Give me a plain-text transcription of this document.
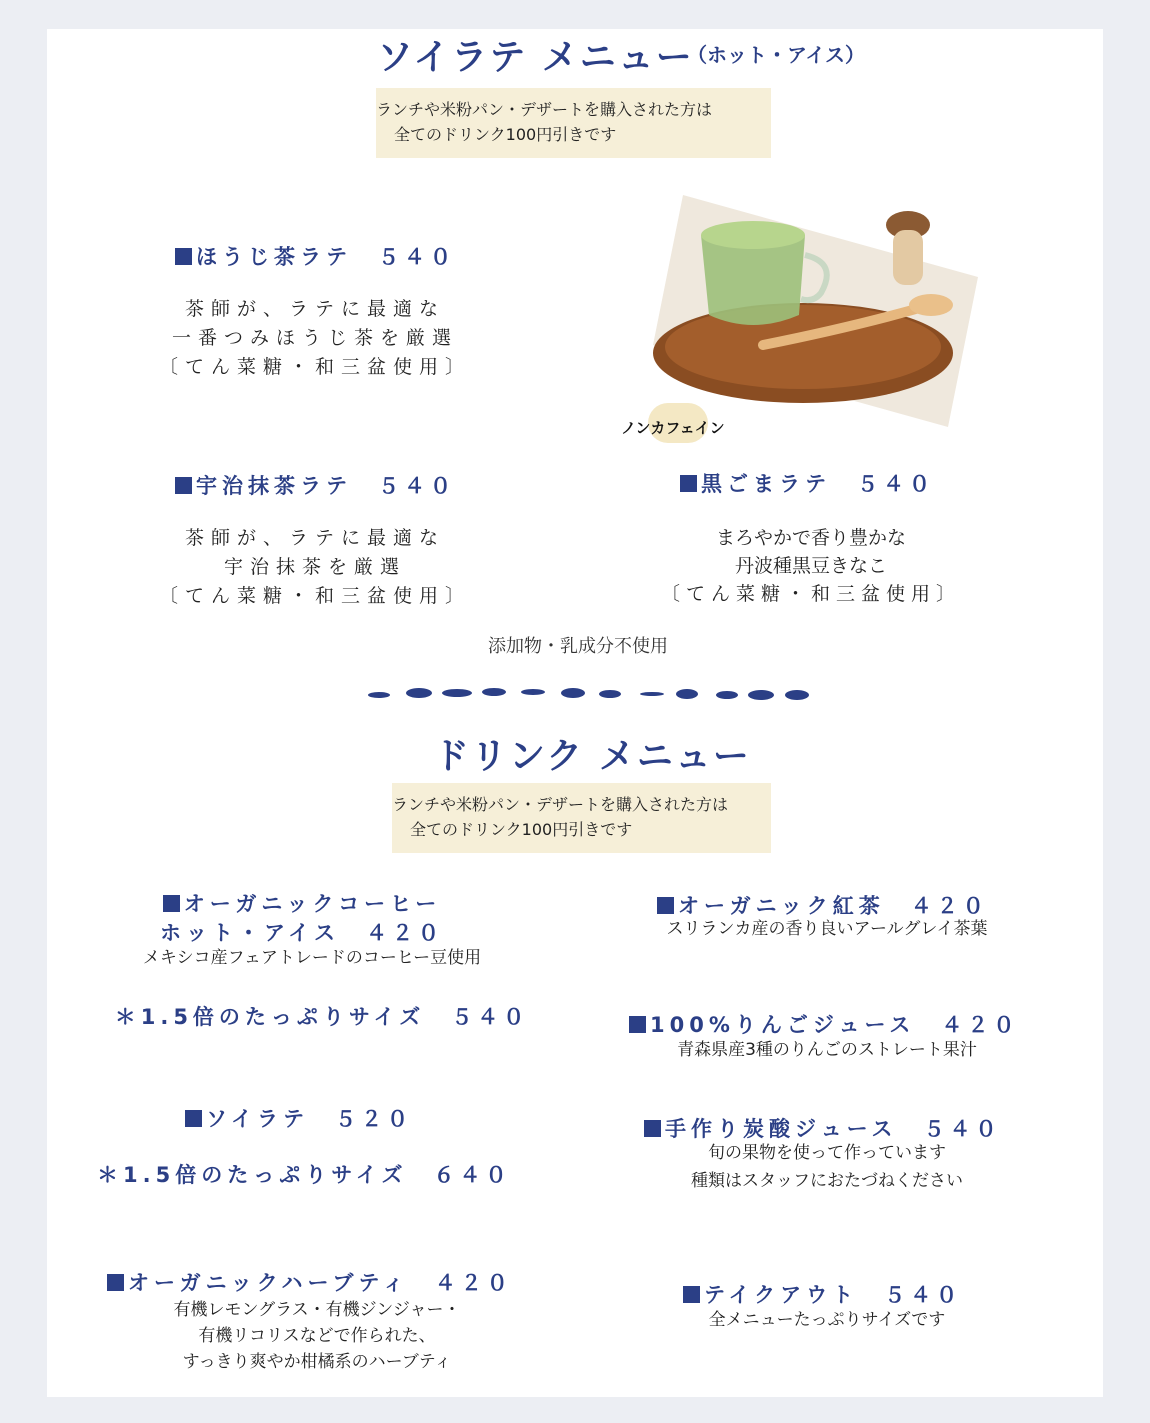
ソイラテ メニュー
（ホット・アイス）
ランチや米粉パン・デザートを購入された方は
全てのドリンク100円引きです
ほうじ茶ラテ　 ５４０
茶師が、ラテに最適な
一番つみほうじ茶を厳選
〔てん菜糖・和三盆使用〕
ノンカフェイン
宇治抹茶ラテ　 ５４０
茶師が、ラテに最適な
宇治抹茶を厳選
〔てん菜糖・和三盆使用〕
黒ごまラテ　 ５４０
まろやかで香り豊かな
丹波種黒豆きなこ
〔てん菜糖・和三盆使用〕
添加物・乳成分不使用
ドリンク メニュー
ランチや米粉パン・デザートを購入された方は
全てのドリンク100円引きです
オーガニックコーヒー
ホット・アイス　４２０
メキシコ産フェアトレードのコーヒー豆使用
＊1.5倍のたっぷりサイズ　５４０
ソイラテ　５２０
＊1.5倍のたっぷりサイズ　６４０
オーガニックハーブティ　４２０
有機レモングラス・有機ジンジャー・
有機リコリスなどで作られた、
すっきり爽やか柑橘系のハーブティ
オーガニック紅茶　４２０
スリランカ産の香り良いアールグレイ茶葉
100%りんごジュース　４２０
青森県産3種のりんごのストレート果汁
手作り炭酸ジュース　５４０
旬の果物を使って作っています
種類はスタッフにおたづねください
テイクアウト　５４０
全メニューたっぷりサイズです
